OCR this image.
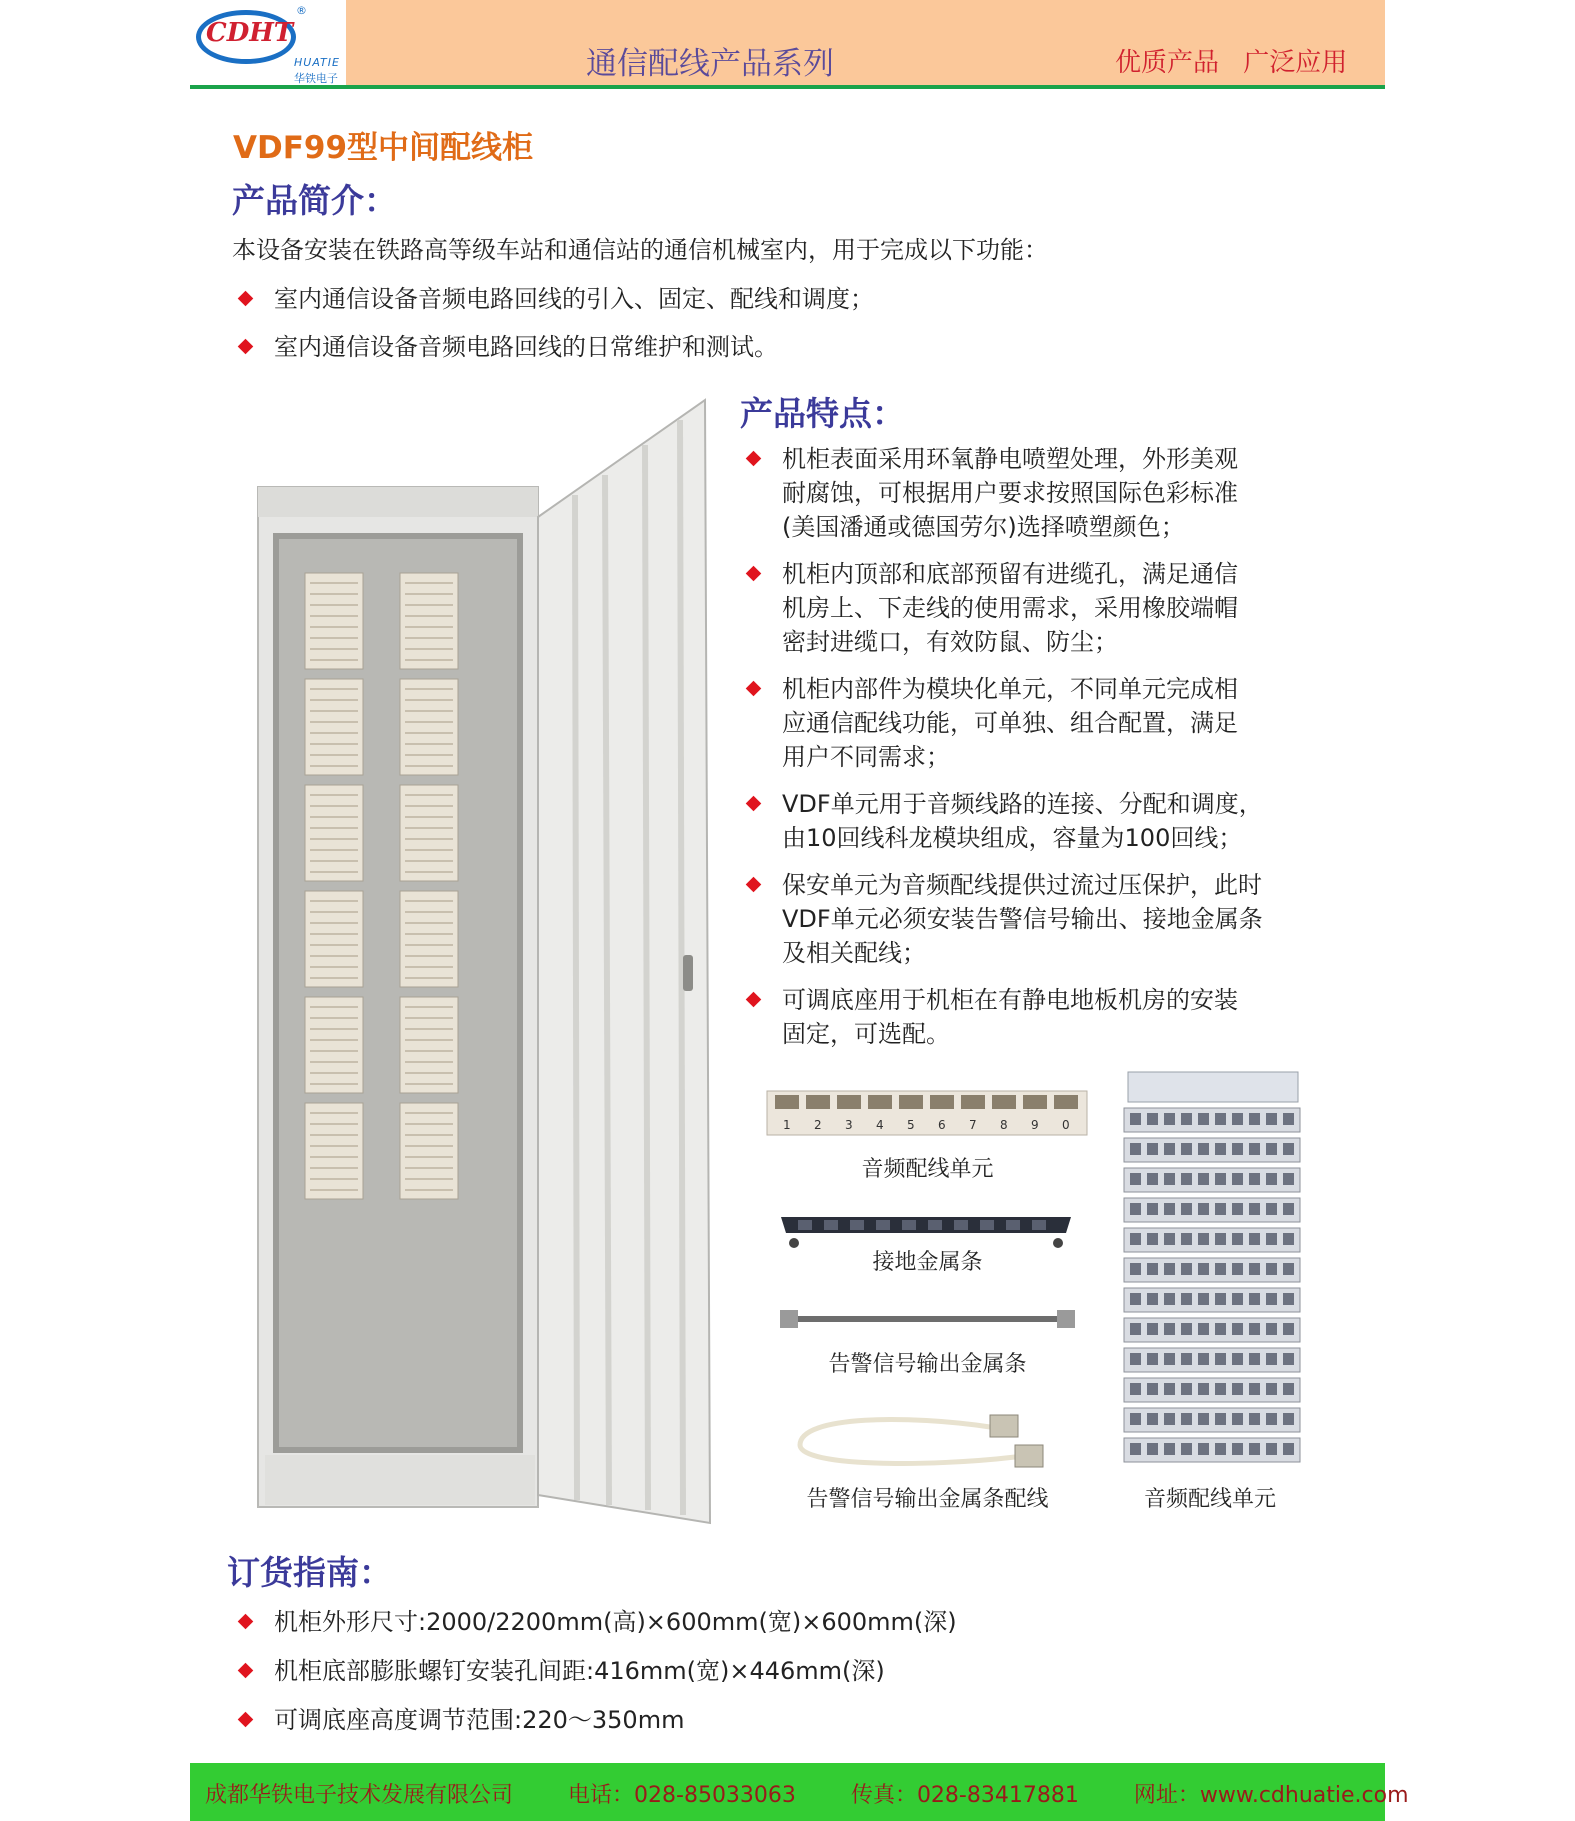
CDHT
®
HUATIE
华铁电子	通信配线产品系列	优质产品 广泛应用
VDF99型中间配线柜
产品简介：
本设备安装在铁路高等级车站和通信站的通信机械室内，用于完成以下功能：
室内通信设备音频电路回线的引入、固定、配线和调度；
室内通信设备音频电路回线的日常维护和测试。
产品特点：
机柜表面采用环氧静电喷塑处理，外形美观
耐腐蚀，可根据用户要求按照国际色彩标准
(美国潘通或德国劳尔)选择喷塑颜色；
机柜内顶部和底部预留有进缆孔，满足通信
机房上、下走线的使用需求，采用橡胶端帽
密封进缆口，有效防鼠、防尘；
机柜内部件为模块化单元，不同单元完成相
应通信配线功能，可单独、组合配置，满足
用户不同需求；
VDF单元用于音频线路的连接、分配和调度，
由10回线科龙模块组成，容量为100回线；
保安单元为音频配线提供过流过压保护，此时
VDF单元必须安装告警信号输出、接地金属条
及相关配线；
可调底座用于机柜在有静电地板机房的安装
固定，可选配。
1 2 3 4 5 6 7 8 9 0
音频配线单元
接地金属条
告警信号输出金属条
告警信号输出金属条配线	音频配线单元
订货指南：
机柜外形尺寸:2000/2200mm(高)×600mm(宽)×600mm(深)
机柜底部膨胀螺钉安装孔间距:416mm(宽)×446mm(深)
可调底座高度调节范围:220～350mm
成都华铁电子技术发展有限公司	电话：028-85033063	传真：028-83417881	网址：www.cdhuatie.com
